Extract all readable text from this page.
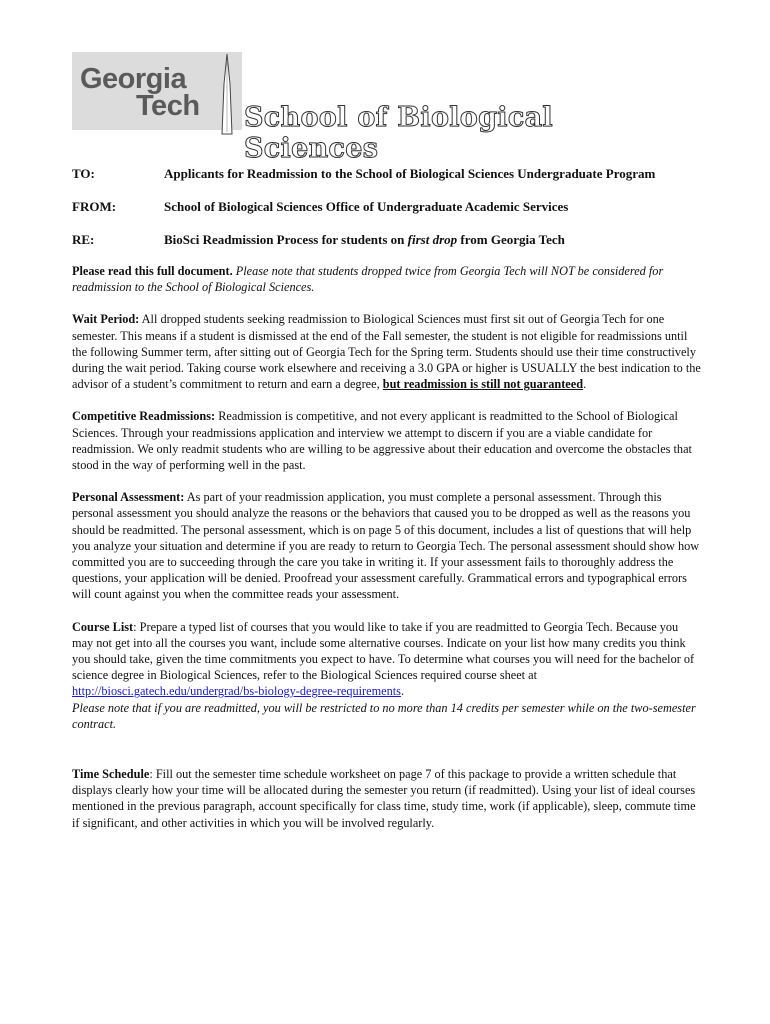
Georgia
Tech School of Biological Sciences
TO:	Applicants for Readmission to the School of Biological Sciences Undergraduate Program
FROM:	School of Biological Sciences Office of Undergraduate Academic Services
RE:	BioSci Readmission Process for students on first drop from Georgia Tech

Please read this full document. Please note that students dropped twice from Georgia Tech will NOT be considered for readmission to the School of Biological Sciences.

Wait Period: All dropped students seeking readmission to Biological Sciences must first sit out of Georgia Tech for one semester. This means if a student is dismissed at the end of the Fall semester, the student is not eligible for readmissions until the following Summer term, after sitting out of Georgia Tech for the Spring term. Students should use their time constructively during the wait period. Taking course work elsewhere and receiving a 3.0 GPA or higher is USUALLY the best indication to the advisor of a student’s commitment to return and earn a degree, but readmission is still not guaranteed.

Competitive Readmissions: Readmission is competitive, and not every applicant is readmitted to the School of Biological Sciences. Through your readmissions application and interview we attempt to discern if you are a viable candidate for readmission. We only readmit students who are willing to be aggressive about their education and overcome the obstacles that stood in the way of performing well in the past.

Personal Assessment: As part of your readmission application, you must complete a personal assessment. Through this personal assessment you should analyze the reasons or the behaviors that caused you to be dropped as well as the reasons you should be readmitted. The personal assessment, which is on page 5 of this document, includes a list of questions that will help you analyze your situation and determine if you are ready to return to Georgia Tech. The personal assessment should show how committed you are to succeeding through the care you take in writing it. If your assessment fails to thoroughly address the questions, your application will be denied. Proofread your assessment carefully. Grammatical errors and typographical errors will count against you when the committee reads your assessment.

Course List: Prepare a typed list of courses that you would like to take if you are readmitted to Georgia Tech. Because you may not get into all the courses you want, include some alternative courses. Indicate on your list how many credits you think you should take, given the time commitments you expect to have. To determine what courses you will need for the bachelor of science degree in Biological Sciences, refer to the Biological Sciences required course sheet at http://biosci.gatech.edu/undergrad/bs-biology-degree-requirements.
Please note that if you are readmitted, you will be restricted to no more than 14 credits per semester while on the two-semester contract.

Time Schedule: Fill out the semester time schedule worksheet on page 7 of this package to provide a written schedule that displays clearly how your time will be allocated during the semester you return (if readmitted). Using your list of ideal courses mentioned in the previous paragraph, account specifically for class time, study time, work (if applicable), sleep, commute time if significant, and other activities in which you will be involved regularly.
